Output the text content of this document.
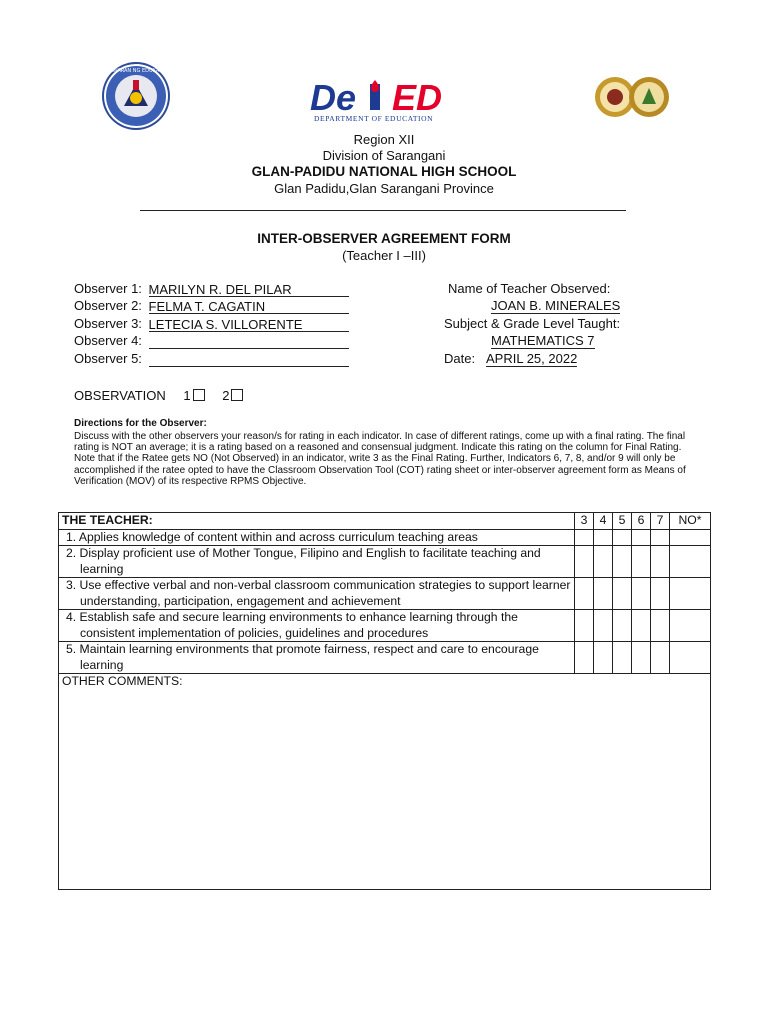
KAGAWARAN NG EDUKASYON
De ED
DEPARTMENT OF EDUCATION
Region XII
Division of Sarangani
GLAN-PADIDU NATIONAL HIGH SCHOOL
Glan Padidu,Glan Sarangani Province
INTER-OBSERVER AGREEMENT FORM
(Teacher I –III)
Observer 1: MARILYN R. DEL PILAR
Observer 2: FELMA T. CAGATIN
Observer 3: LETECIA S. VILLORENTE
Observer 4:
Observer 5:
Name of Teacher Observed:
JOAN B. MINERALES
Subject & Grade Level Taught:
MATHEMATICS 7
Date: APRIL 25, 2022
OBSERVATION 1 2
Directions for the Observer:
Discuss with the other observers your reason/s for rating in each indicator. In case of different ratings, come up with a final rating. The final rating is NOT an average; it is a rating based on a reasoned and consensual judgment. Indicate this rating on the column for Final Rating.
Note that if the Ratee gets NO (Not Observed) in an indicator, write 3 as the Final Rating. Further, Indicators 6, 7, 8, and/or 9 will only be accomplished if the ratee opted to have the Classroom Observation Tool (COT) rating sheet or inter-observer agreement form as Means of Verification (MOV) of its respective RPMS Objective.
THE TEACHER:	3	4	5	6	7	NO*

1. Applies knowledge of content within and across curriculum teaching areas						

2. Display proficient use of Mother Tongue, Filipino and English to facilitate teaching and learning						

3. Use effective verbal and non-verbal classroom communication strategies to support learner understanding, participation, engagement and achievement						

4. Establish safe and secure learning environments to enhance learning through the consistent implementation of policies, guidelines and procedures						

5. Maintain learning environments that promote fairness, respect and care to encourage learning						

OTHER COMMENTS:						
